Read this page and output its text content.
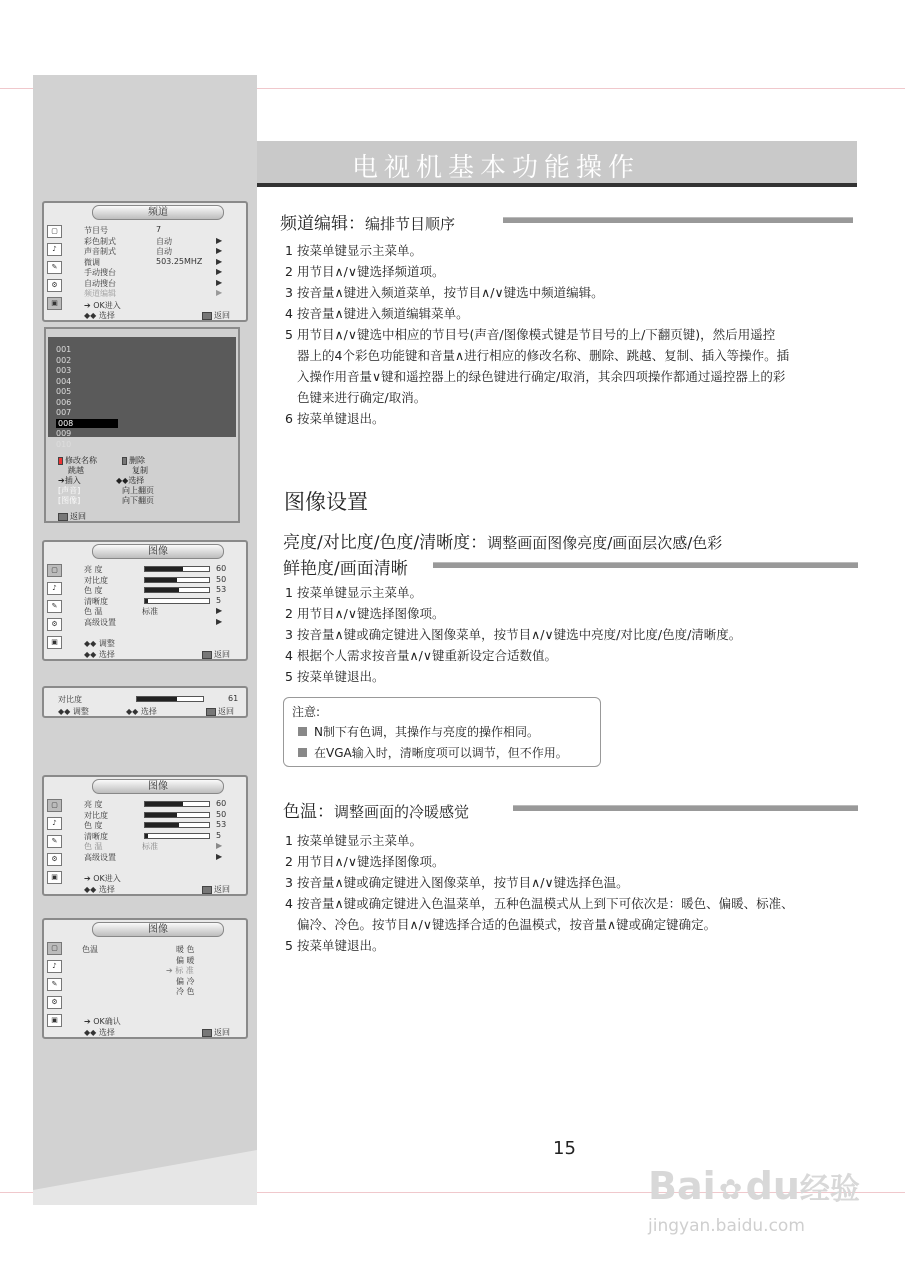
电视机基本功能操作
频道
▢
♪
✎
⚙
▣	➔ OK进入
◆◆ 选择	返回
节目号	7
彩色制式	自动	▶
声音制式	自动	▶
微调	503.25MHZ ▶
手动搜台	▶
自动搜台	▶
频道编辑	▶
001
002
003
004
005
006
007
008
009
010
修改名称	删除
跳越	复制
➔插入	◆◆选择
[声音]	向上翻页
[图像]	向下翻页
返回
图像
▢
♪
✎
⚙
▣	◆◆ 调整
◆◆ 选择	返回
亮 度	60
对比度	50
色 度	53
清晰度	5
色 温	标准	▶
高级设置	▶
对比度	61
◆◆ 调整	◆◆ 选择	返回
图像
▢
♪
✎
⚙
▣	➔ OK进入
◆◆ 选择	返回
亮 度	60
对比度	50
色 度	53
清晰度	5
色 温	标准	▶
高级设置	▶
图像
▢
♪
✎
⚙
▣
色温
➔ OK确认
◆◆ 选择	返回
暖 色
偏 暖
➔ 标 准
偏 冷
冷 色
频道编辑：编排节目顺序
图像设置
亮度/对比度/色度/清晰度：调整画面图像亮度/画面层次感/色彩
鲜艳度/画面清晰
注意:
N制下有色调，其操作与亮度的操作相同。
在VGA输入时，清晰度项可以调节，但不作用。
色温：调整画面的冷暖感觉
15
Bai ✿du经验
jingyan.baidu.com
1 按菜单键显示主菜单。
2 用节目∧/∨键选择频道项。
3 按音量∧键进入频道菜单，按节目∧/∨键选中频道编辑。
4 按音量∧键进入频道编辑菜单。
5 用节目∧/∨键选中相应的节目号(声音/图像模式键是节目号的上/下翻页键)，然后用遥控
器上的4个彩色功能键和音量∧进行相应的修改名称、删除、跳越、复制、插入等操作。插
入操作用音量∨键和遥控器上的绿色键进行确定/取消，其余四项操作都通过遥控器上的彩
色键来进行确定/取消。
6 按菜单键退出。
1 按菜单键显示主菜单。
2 用节目∧/∨键选择图像项。
3 按音量∧键或确定键进入图像菜单，按节目∧/∨键选中亮度/对比度/色度/清晰度。
4 根据个人需求按音量∧/∨键重新设定合适数值。
5 按菜单键退出。
1 按菜单键显示主菜单。
2 用节目∧/∨键选择图像项。
3 按音量∧键或确定键进入图像菜单，按节目∧/∨键选择色温。
4 按音量∧键或确定键进入色温菜单，五种色温模式从上到下可依次是：暖色、偏暖、标准、
偏冷、冷色。按节目∧/∨键选择合适的色温模式，按音量∧键或确定键确定。
5 按菜单键退出。
